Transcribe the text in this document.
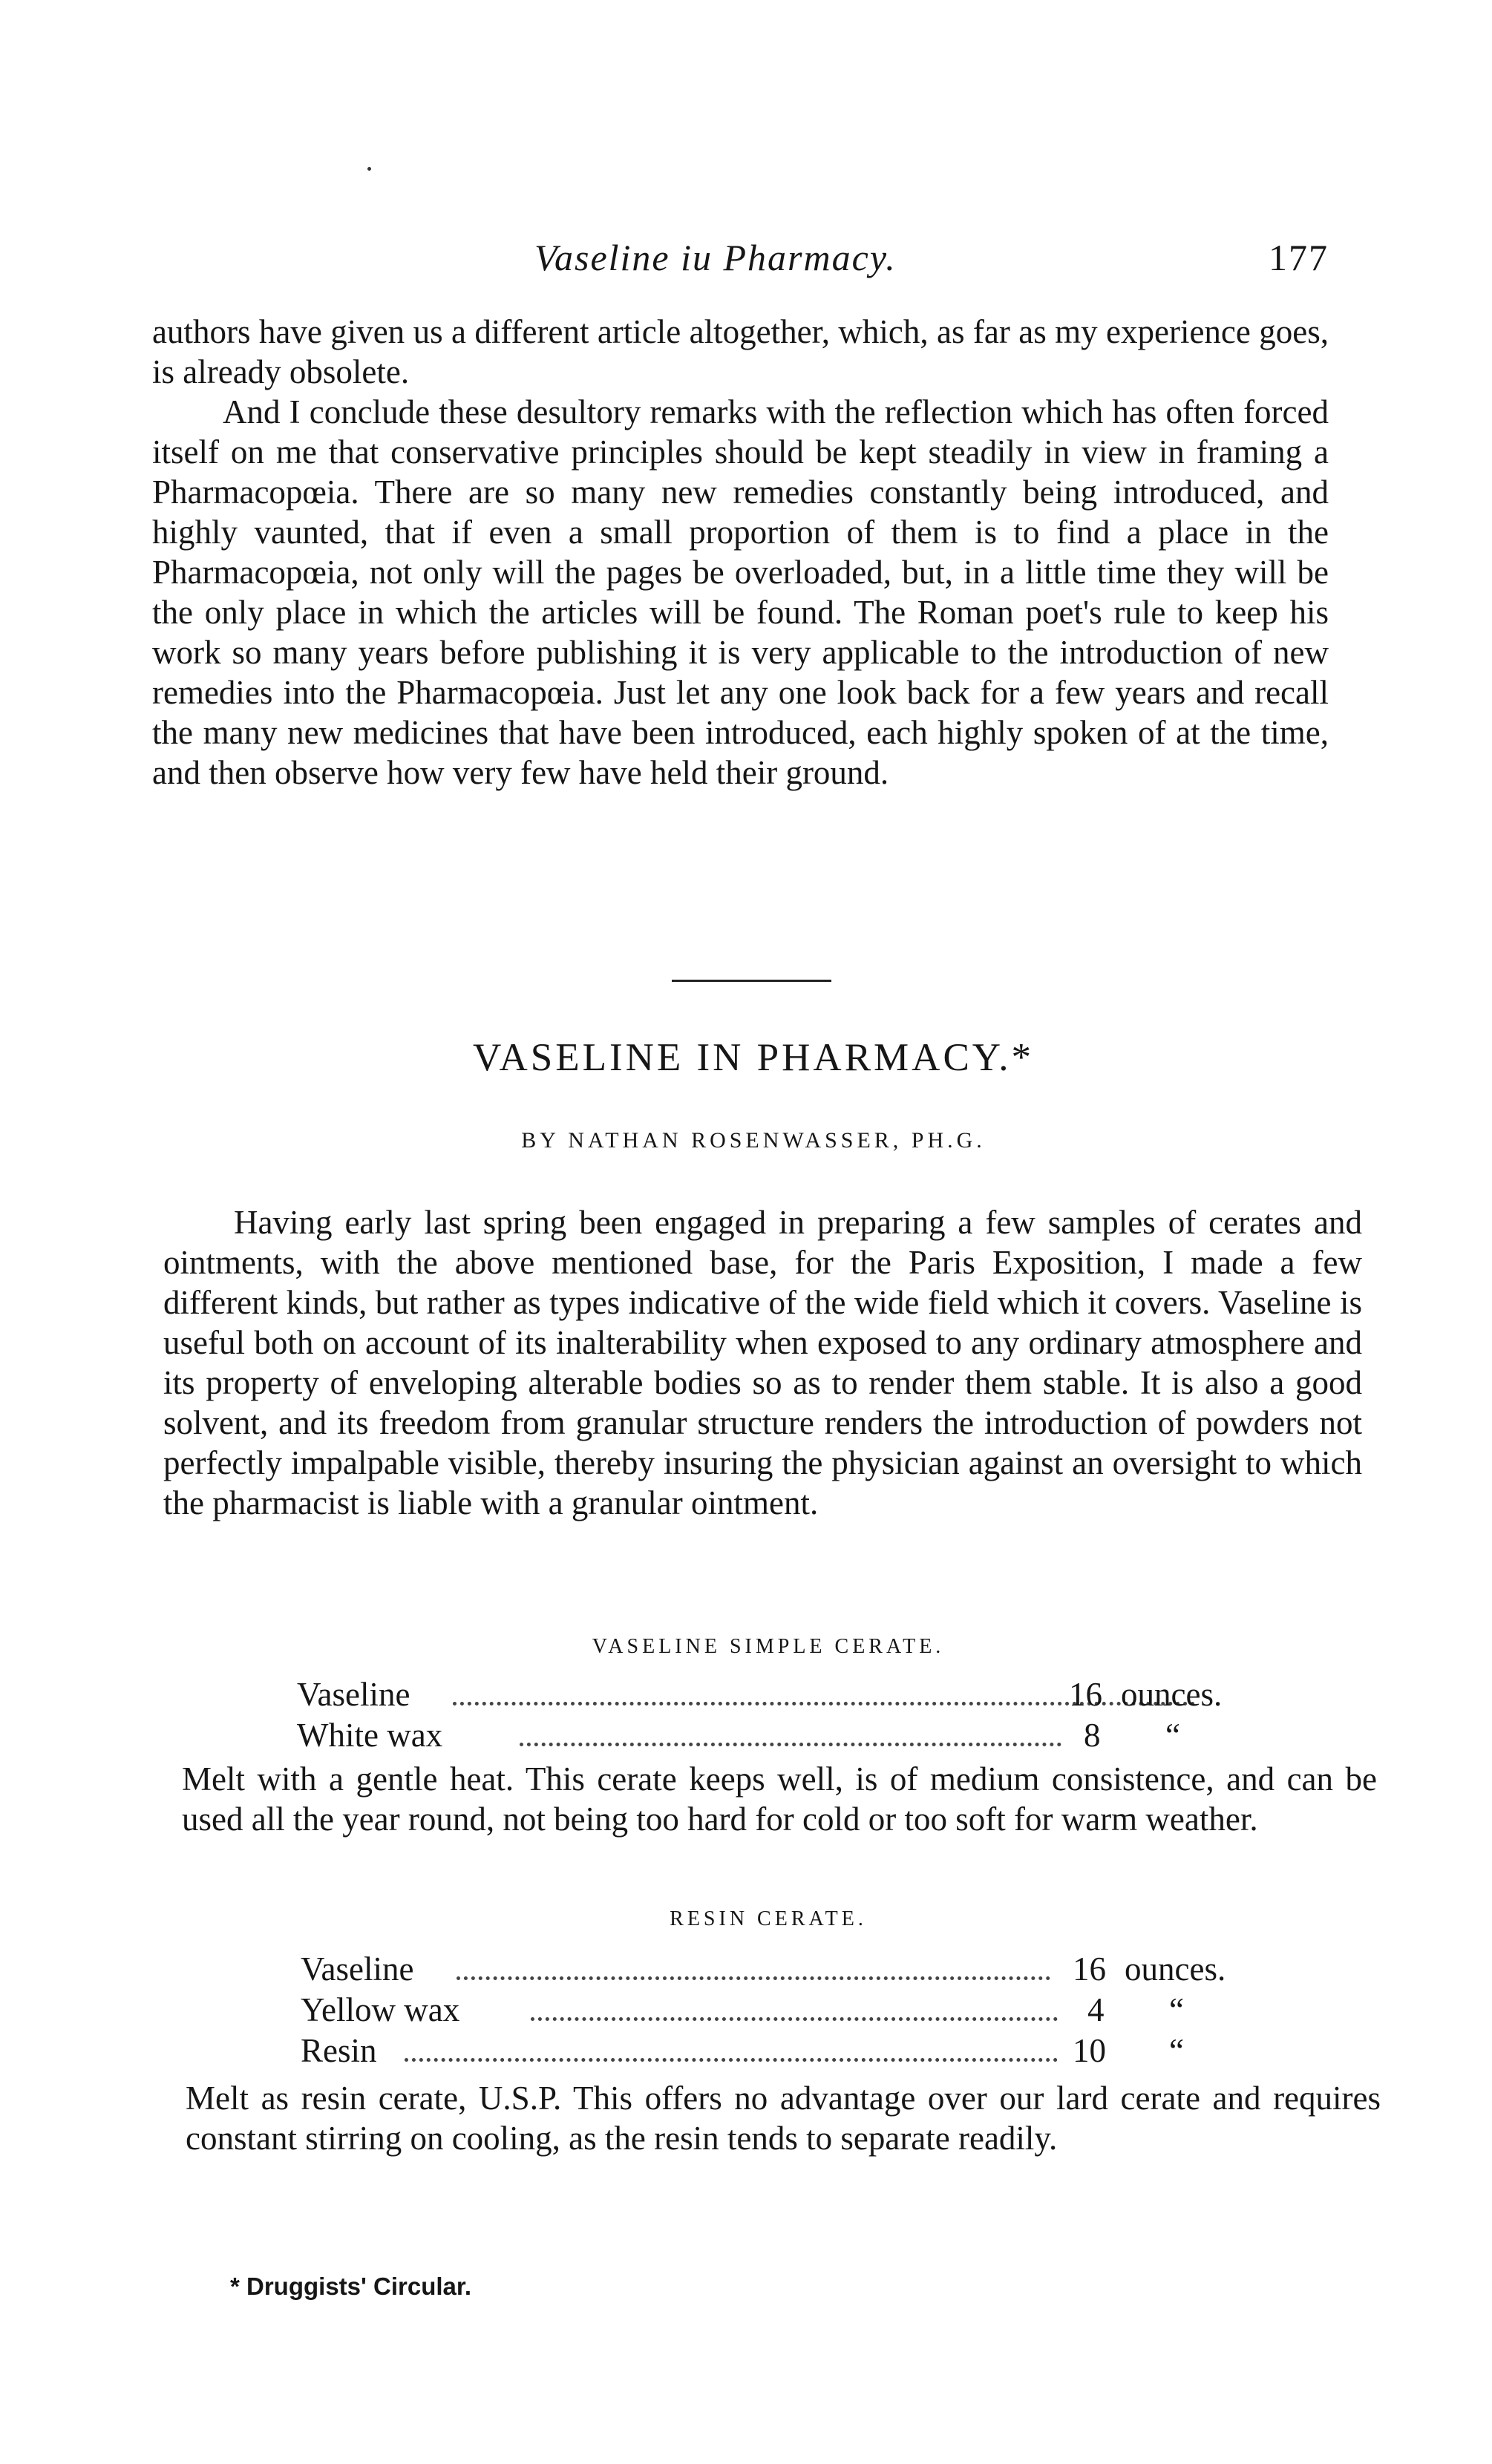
Vaseline iu Pharmacy.	177

authors have given us a different article altogether, which, as far as my experience goes, is already obsolete.

And I conclude these desultory remarks with the reflection which has often forced itself on me that conservative principles should be kept steadily in view in framing a Pharmacopœia. There are so many new remedies constantly being introduced, and highly vaunted, that if even a small proportion of them is to find a place in the Pharmacopœia, not only will the pages be overloaded, but, in a little time they will be the only place in which the articles will be found. The Roman poet's rule to keep his work so many years before publishing it is very applicable to the introduction of new remedies into the Pharmacopœia. Just let any one look back for a few years and recall the many new medicines that have been introduced, each highly spoken of at the time, and then observe how very few have held their ground.

VASELINE IN PHARMACY.*
BY NATHAN ROSENWASSER, PH.G.

Having early last spring been engaged in preparing a few samples of cerates and ointments, with the above mentioned base, for the Paris Exposition, I made a few different kinds, but rather as types indicative of the wide field which it covers. Vaseline is useful both on account of its inalterability when exposed to any ordinary atmosphere and its property of enveloping alterable bodies so as to render them stable. It is also a good solvent, and its freedom from granular structure renders the introduction of powders not perfectly impalpable visible, thereby insuring the physician against an oversight to which the pharmacist is liable with a granular ointment.

VASELINE SIMPLE CERATE.
Vaseline	16 ounces.
White wax	8 “

Melt with a gentle heat. This cerate keeps well, is of medium consistence, and can be used all the year round, not being too hard for cold or too soft for warm weather.

RESIN CERATE.
Vaseline	16 ounces.
Yellow wax	4 “
Resin	10 “

Melt as resin cerate, U.S.P. This offers no advantage over our lard cerate and requires constant stirring on cooling, as the resin tends to separate readily.

* Druggists' Circular.
